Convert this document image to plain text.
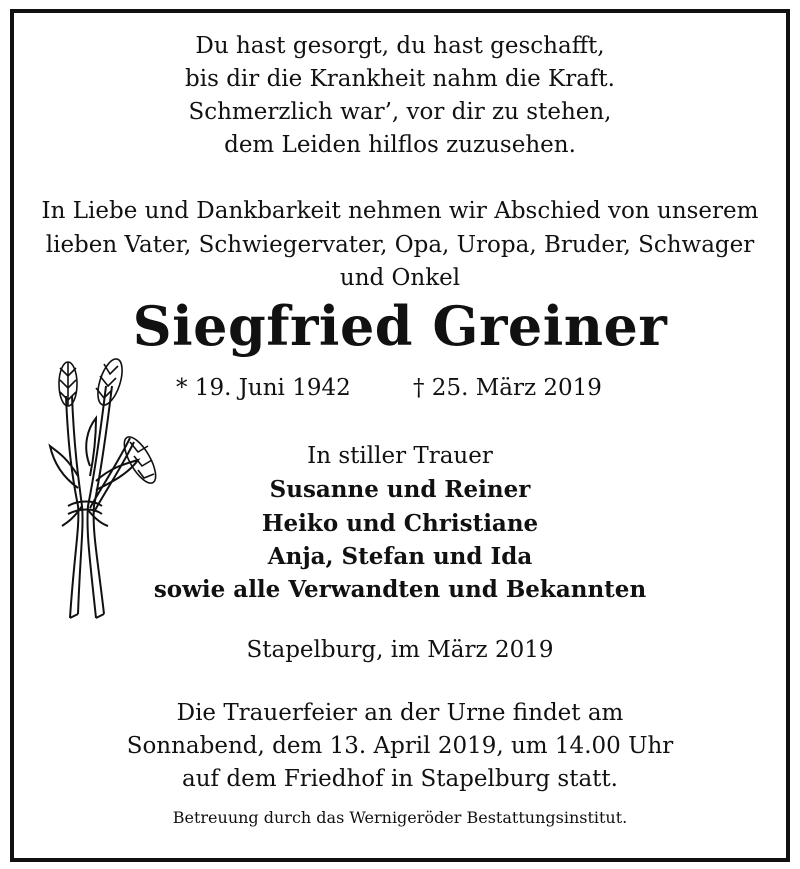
Du hast gesorgt, du hast geschafft,
bis dir die Krankheit nahm die Kraft.
Schmerzlich war’, vor dir zu stehen,
dem Leiden hilflos zuzusehen.
In Liebe und Dankbarkeit nehmen wir Abschied von unserem
lieben Vater, Schwiegervater, Opa, Uropa, Bruder, Schwager
und Onkel
Siegfried Greiner
* 19. Juni 1942	† 25. März 2019
In stiller Trauer
Susanne und Reiner
Heiko und Christiane
Anja, Stefan und Ida
sowie alle Verwandten und Bekannten
Stapelburg, im März 2019
Die Trauerfeier an der Urne findet am
Sonnabend, dem 13. April 2019, um 14.00 Uhr
auf dem Friedhof in Stapelburg statt.
Betreuung durch das Wernigeröder Bestattungsinstitut.
